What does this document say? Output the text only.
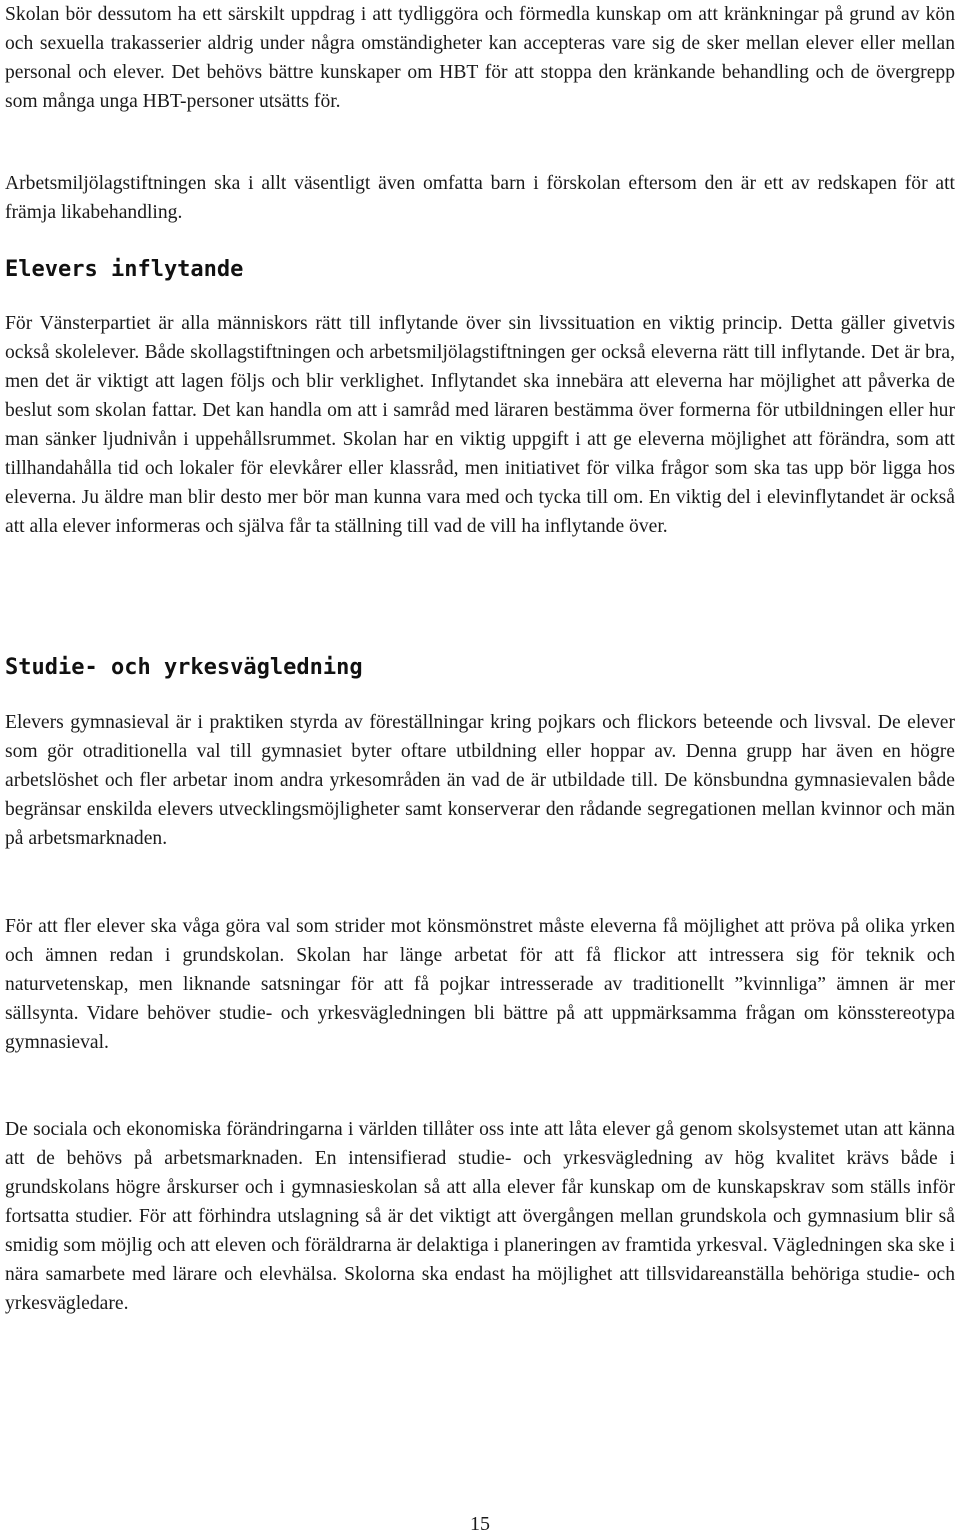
Skolan bör dessutom ha ett särskilt uppdrag i att tydliggöra och förmedla kunskap om att kränkningar på grund av kön och sexuella trakasserier aldrig under några omständigheter kan accepteras vare sig de sker mellan elever eller mellan personal och elever. Det behövs bättre kunskaper om HBT för att stoppa den kränkande behandling och de övergrepp som många unga HBT-personer utsätts för.

Arbetsmiljölagstiftningen ska i allt väsentligt även omfatta barn i förskolan eftersom den är ett av redskapen för att främja likabehandling.

Elevers inflytande

För Vänsterpartiet är alla människors rätt till inflytande över sin livssituation en viktig princip. Detta gäller givetvis också skolelever. Både skollagstiftningen och arbetsmiljölagstiftningen ger också eleverna rätt till inflytande. Det är bra, men det är viktigt att lagen följs och blir verklighet. Inflytandet ska innebära att eleverna har möjlighet att påverka de beslut som skolan fattar. Det kan handla om att i samråd med läraren bestämma över formerna för utbildningen eller hur man sänker ljudnivån i uppehållsrummet. Skolan har en viktig uppgift i att ge eleverna möjlighet att förändra, som att tillhandahålla tid och lokaler för elevkårer eller klassråd, men initiativet för vilka frågor som ska tas upp bör ligga hos eleverna. Ju äldre man blir desto mer bör man kunna vara med och tycka till om. En viktig del i elevinflytandet är också att alla elever informeras och själva får ta ställning till vad de vill ha inflytande över.

Studie- och yrkesvägledning

Elevers gymnasieval är i praktiken styrda av föreställningar kring pojkars och flickors beteende och livsval. De elever som gör otraditionella val till gymnasiet byter oftare utbildning eller hoppar av. Denna grupp har även en högre arbetslöshet och fler arbetar inom andra yrkesområden än vad de är utbildade till. De könsbundna gymnasievalen både begränsar enskilda elevers utvecklingsmöjligheter samt konserverar den rådande segregationen mellan kvinnor och män på arbetsmarknaden.

För att fler elever ska våga göra val som strider mot könsmönstret måste eleverna få möjlighet att pröva på olika yrken och ämnen redan i grundskolan. Skolan har länge arbetat för att få flickor att intressera sig för teknik och naturvetenskap, men liknande satsningar för att få pojkar intresserade av traditionellt ”kvinnliga” ämnen är mer sällsynta. Vidare behöver studie- och yrkesvägledningen bli bättre på att uppmärksamma frågan om könsstereotypa gymnasieval.

De sociala och ekonomiska förändringarna i världen tillåter oss inte att låta elever gå genom skolsystemet utan att känna att de behövs på arbetsmarknaden. En intensifierad studie- och yrkesvägledning av hög kvalitet krävs både i grundskolans högre årskurser och i gymnasieskolan så att alla elever får kunskap om de kunskapskrav som ställs inför fortsatta studier. För att förhindra utslagning så är det viktigt att övergången mellan grundskola och gymnasium blir så smidig som möjlig och att eleven och föräldrarna är delaktiga i planeringen av framtida yrkesval. Vägledningen ska ske i nära samarbete med lärare och elevhälsa. Skolorna ska endast ha möjlighet att tillsvidareanställa behöriga studie- och yrkesvägledare.

15
